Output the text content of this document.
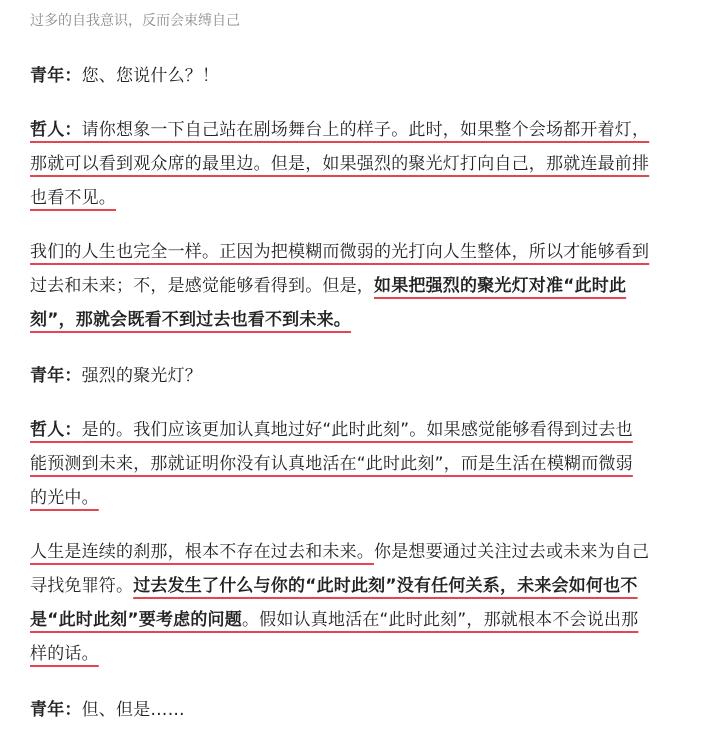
过多的自我意识，反而会束缚自己
青年：您、您说什么？！
哲人：请你想象一下自己站在剧场舞台上的样子。此时，如果整个会场都开着灯，
那就可以看到观众席的最里边。但是，如果强烈的聚光灯打向自己，那就连最前排
也看不见。
我们的人生也完全一样。正因为把模糊而微弱的光打向人生整体，所以才能够看到
过去和未来；不，是感觉能够看得到。但是，如果把强烈的聚光灯对准“此时此
刻”，那就会既看不到过去也看不到未来。
青年：强烈的聚光灯？
哲人：是的。我们应该更加认真地过好“此时此刻”。如果感觉能够看得到过去也
能预测到未来，那就证明你没有认真地活在“此时此刻”，而是生活在模糊而微弱
的光中。
人生是连续的刹那，根本不存在过去和未来。你是想要通过关注过去或未来为自己
寻找免罪符。过去发生了什么与你的“此时此刻”没有任何关系，未来会如何也不
是“此时此刻”要考虑的问题。假如认真地活在“此时此刻”，那就根本不会说出那
样的话。
青年：但、但是……
